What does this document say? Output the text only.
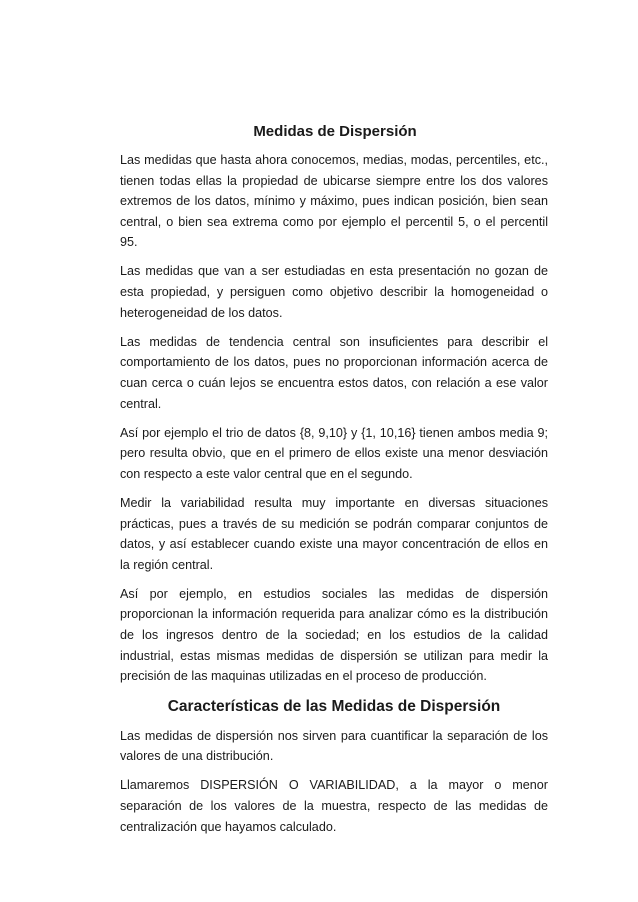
Medidas de Dispersión

Las medidas que hasta ahora conocemos, medias, modas, percentiles, etc., tienen todas ellas la propiedad de ubicarse siempre entre los dos valores extremos de los datos, mínimo y máximo, pues indican posición, bien sean central, o bien sea extrema como por ejemplo el percentil 5, o el percentil 95.

Las medidas que van a ser estudiadas en esta presentación no gozan de esta propiedad, y persiguen como objetivo describir la homogeneidad o heterogeneidad de los datos.

Las medidas de tendencia central son insuficientes para describir el comportamiento de los datos, pues no proporcionan información acerca de cuan cerca o cuán lejos se encuentra estos datos, con relación a ese valor central.

Así por ejemplo el trio de datos {8, 9,10} y {1, 10,16} tienen ambos media 9; pero resulta obvio, que en el primero de ellos existe una menor desviación con respecto a este valor central que en el segundo.

Medir la variabilidad resulta muy importante en diversas situaciones prácticas, pues a través de su medición se podrán comparar conjuntos de datos, y así establecer cuando existe una mayor concentración de ellos en la región central.

Así por ejemplo, en estudios sociales las medidas de dispersión proporcionan la información requerida para analizar cómo es la distribución de los ingresos dentro de la sociedad; en los estudios de la calidad industrial, estas mismas medidas de dispersión se utilizan para medir la precisión de las maquinas utilizadas en el proceso de producción.

Características de las Medidas de Dispersión

Las medidas de dispersión nos sirven para cuantificar la separación de los valores de una distribución.

Llamaremos DISPERSIÓN O VARIABILIDAD, a la mayor o menor separación de los valores de la muestra, respecto de las medidas de centralización que hayamos calculado.
